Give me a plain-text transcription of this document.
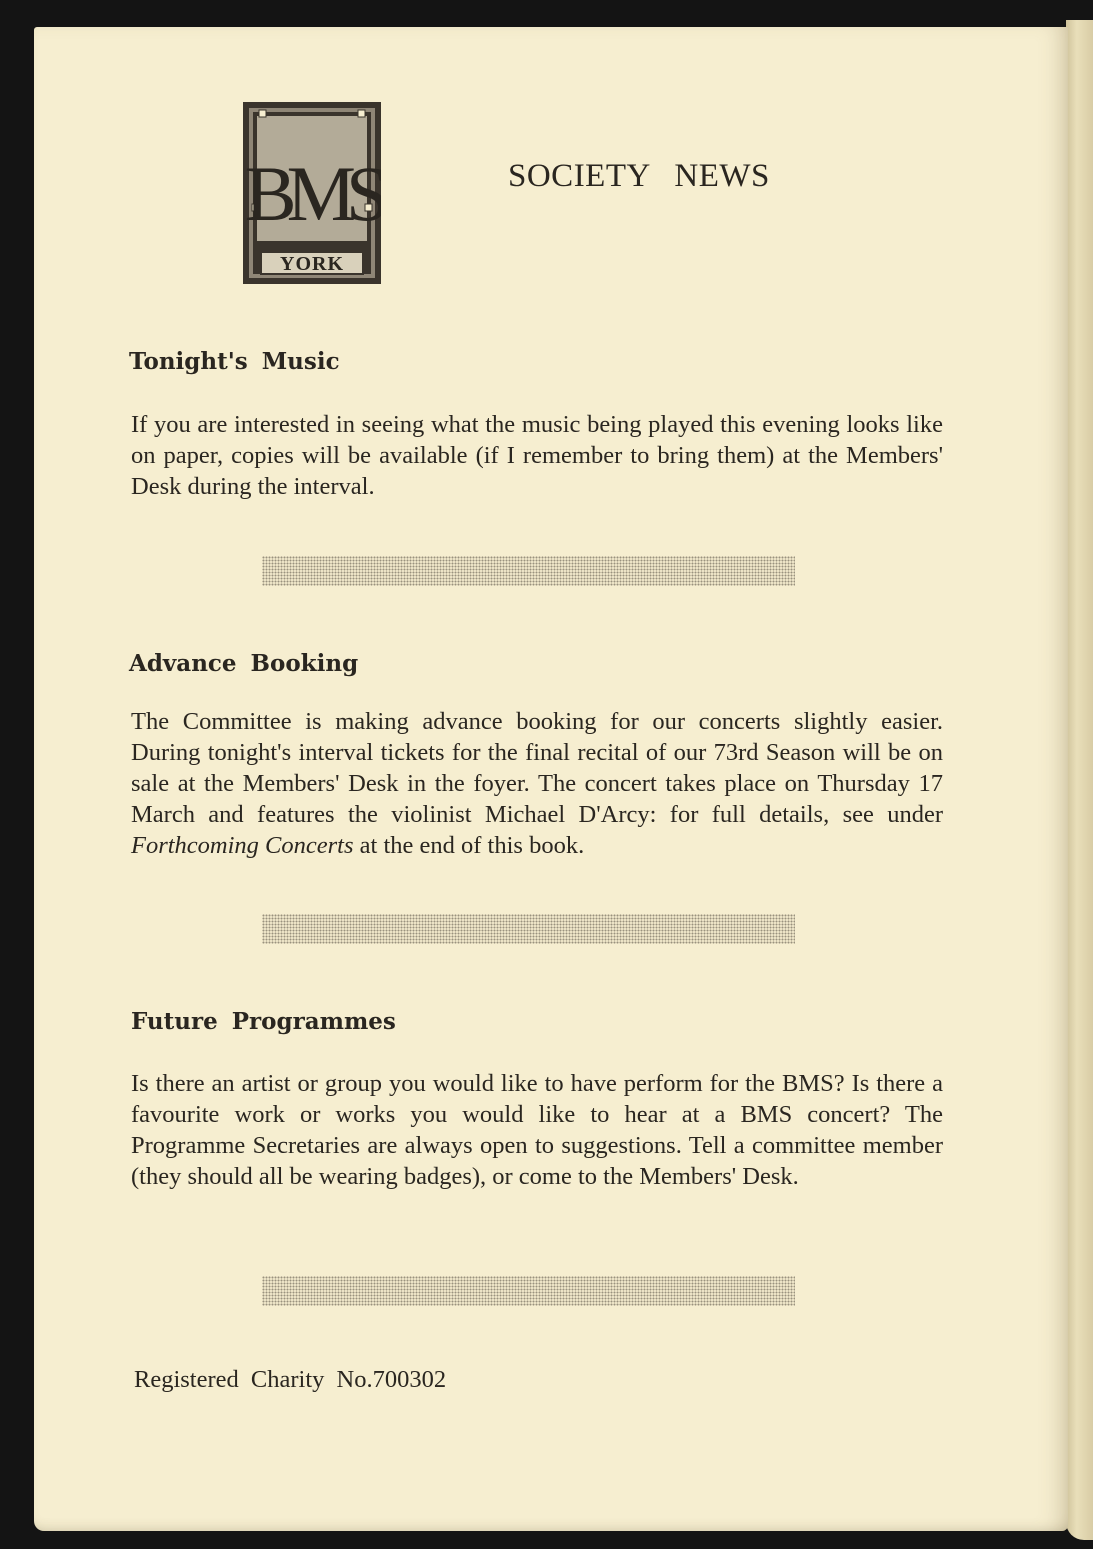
YORK
BMS	SOCIETY NEWS
Tonight's Music

If you are interested in seeing what the music being played this evening looks like on paper, copies will be available (if I remember to bring them) at the Members' Desk during the interval.

Advance Booking

The Committee is making advance booking for our concerts slightly easier. During tonight's interval tickets for the final recital of our 73rd Season will be on sale at the Members' Desk in the foyer. The concert takes place on Thursday 17 March and features the violinist Michael D'Arcy: for full details, see under Forthcoming Concerts at the end of this book.

Future Programmes

Is there an artist or group you would like to have perform for the BMS? Is there a favourite work or works you would like to hear at a BMS concert? The Programme Secretaries are always open to suggestions. Tell a committee member (they should all be wearing badges), or come to the Members' Desk.

Registered Charity No.700302
